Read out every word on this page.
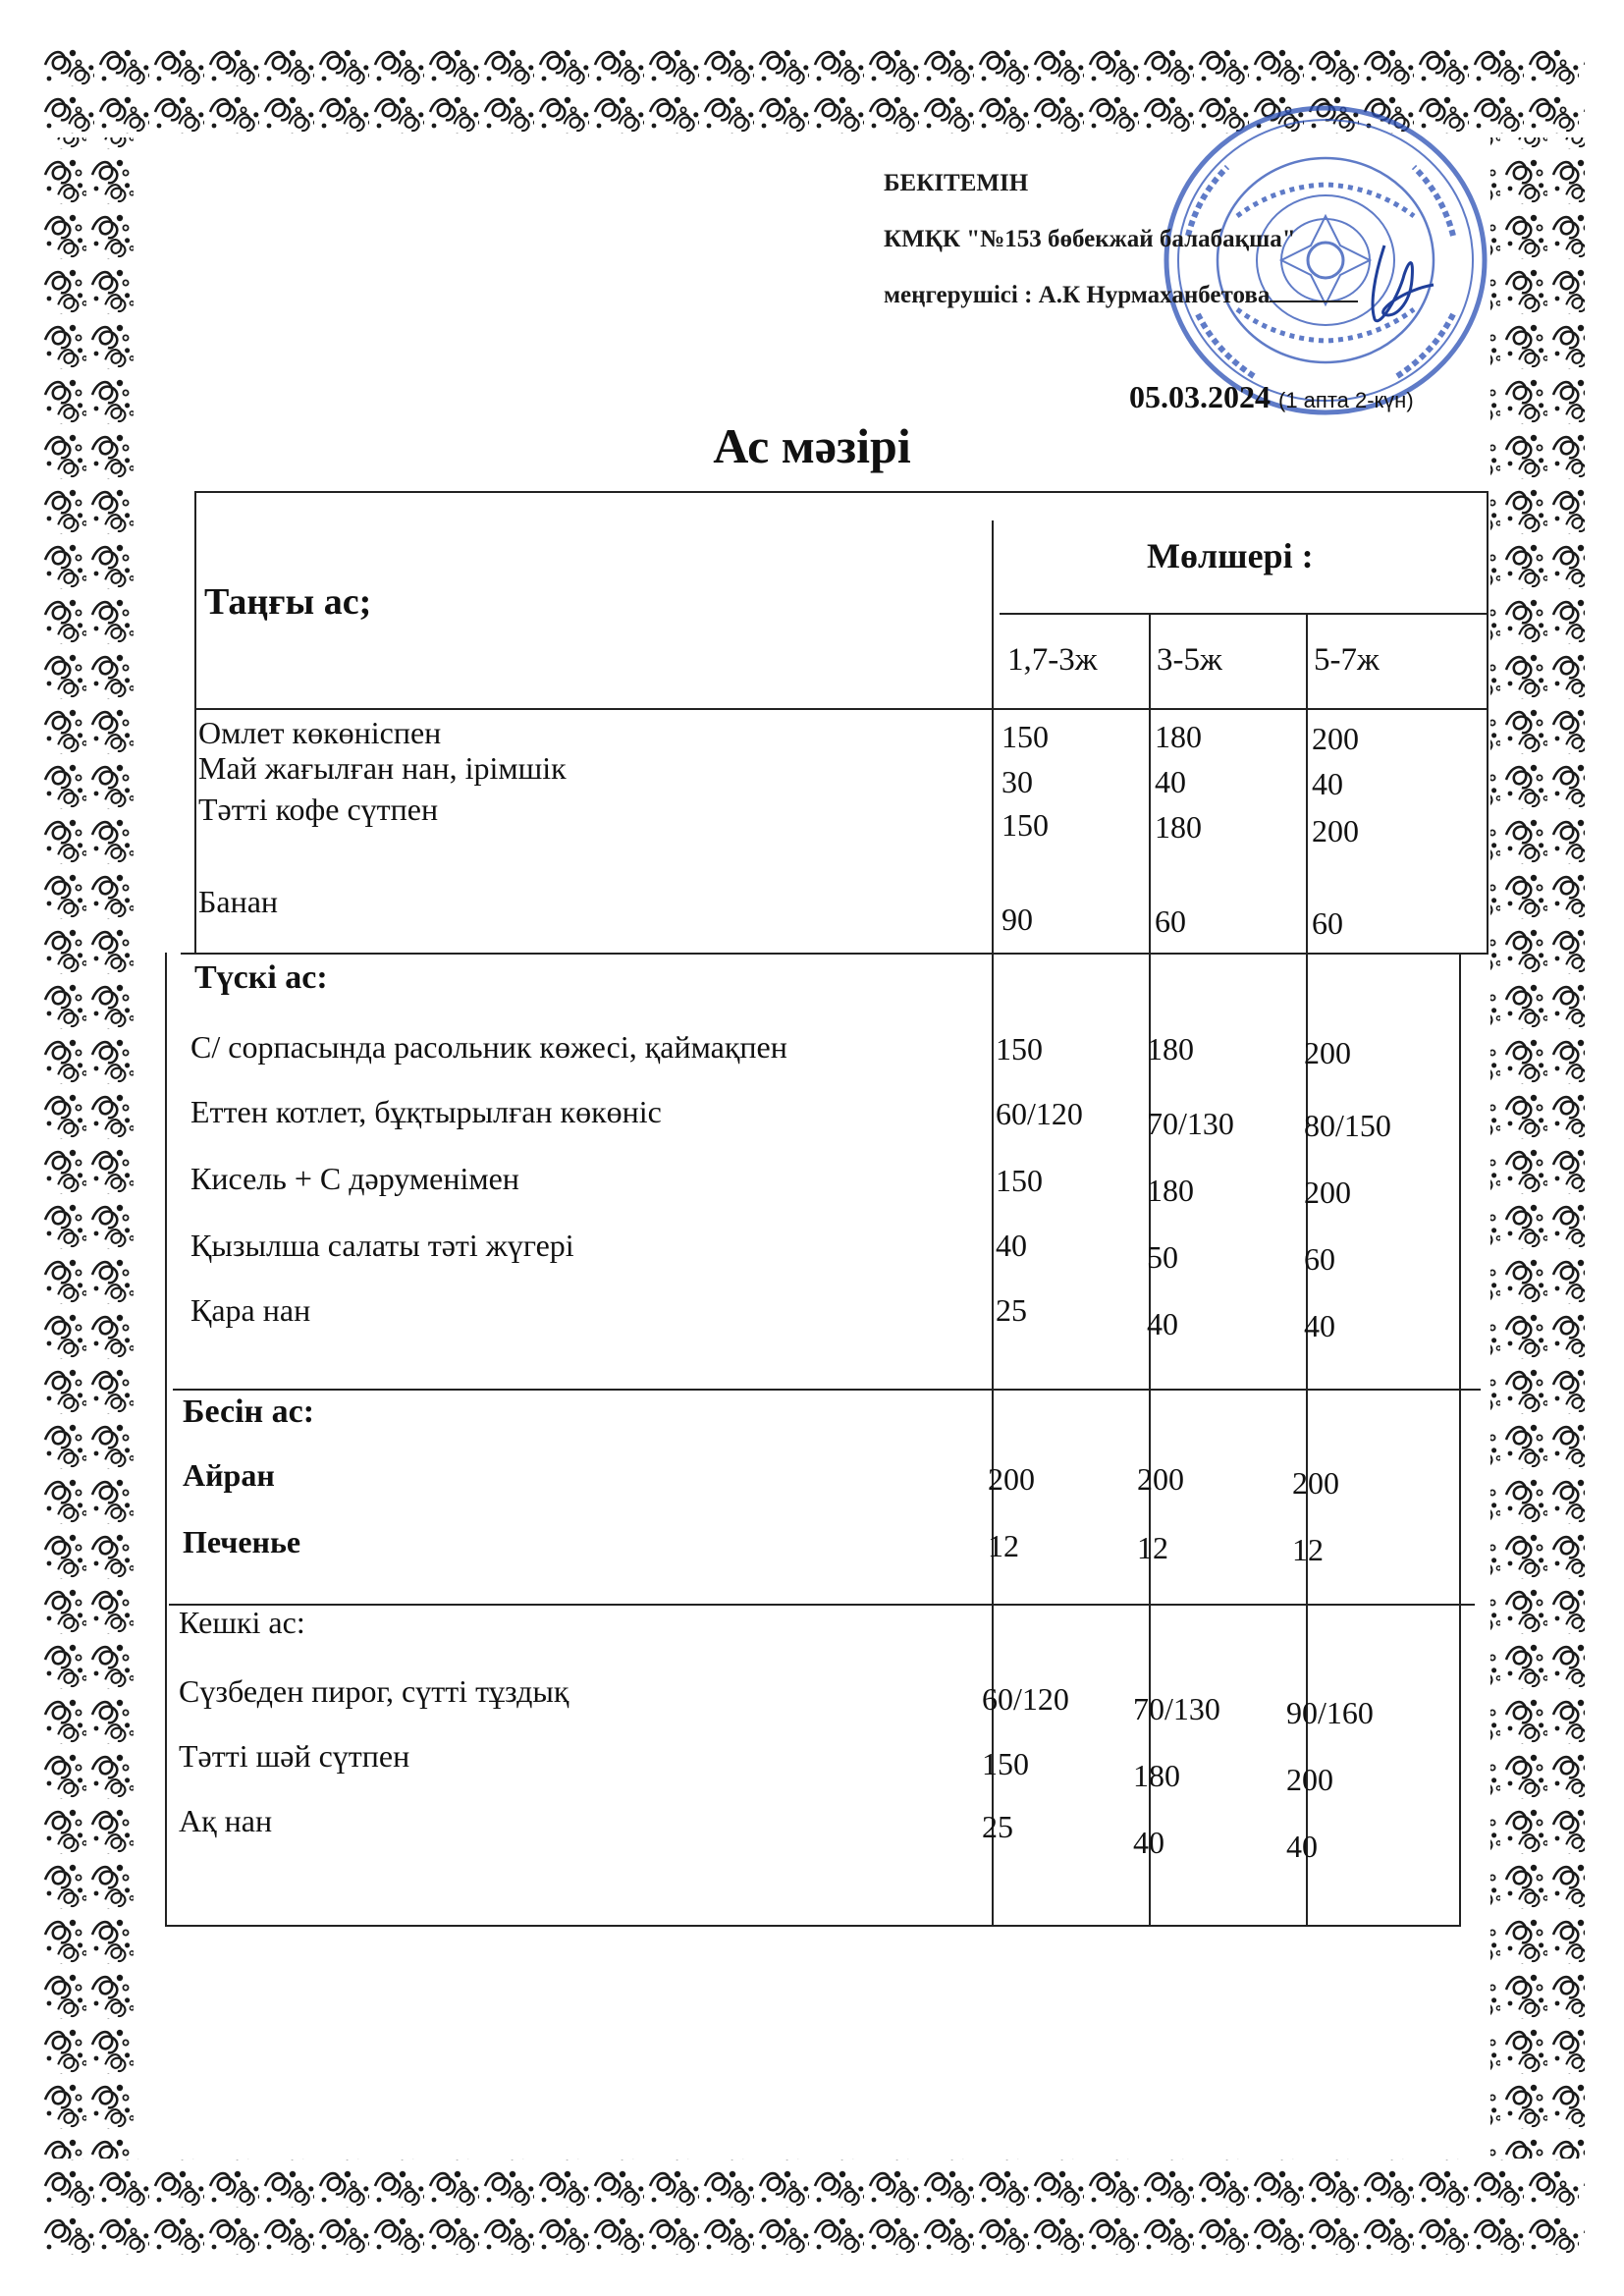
БЕКІТЕМІН
КМҚК "№153 бөбекжай балабақша"
меңгерушісі : А.К Нурмаханбетова
05.03.2024 (1 апта 2-күн)
Ас мәзірі
Таңғы ас;
Мөлшері :
1,7-3ж 3-5ж	5-7ж
Омлет көкөніспен
Май жағылған нан, ірімшік
Тәтті кофе сүтпен
Банан
150
30
150
90
180
40
180
60
200
40
200
60
Түскі ас:
С/ сорпасында расольник көжесі, қаймақпен
Еттен котлет, бұқтырылған көкөніс
Кисель + С дәруменімен
Қызылша салаты тәті жүгері
Қара нан
150
60/120
150
40
25
180
70/130
180
50
40
200
80/150
200
60
40
Бесін ас:
Айран
Печенье
200
12
200
12
200
12
Кешкі ас:
Сүзбеден пирог, сүтті тұздық
Тәтті шәй сүтпен
Ақ нан
60/120
150
25
70/130
180
40
90/160
200
40
